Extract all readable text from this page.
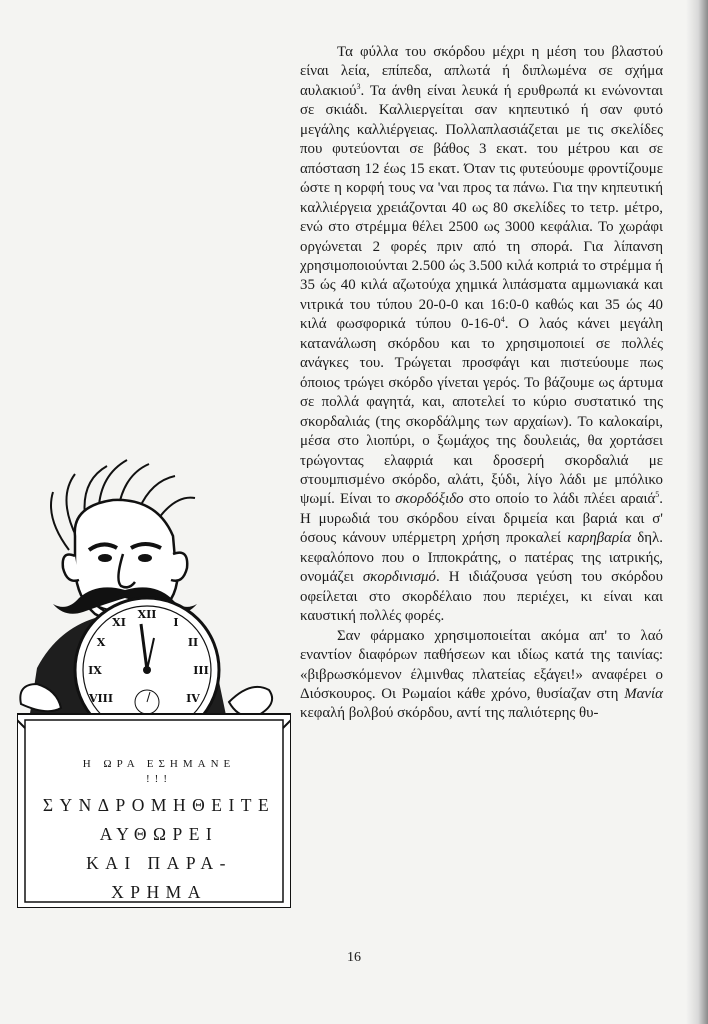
XII
I
II
III
IV
VIII
IX
X
XI
Η ΩΡΑ ΕΣΗΜΑΝΕ
!!!
ΣΥΝΔΡΟΜΗΘΕΙΤΕ
ΑΥΘΩΡΕΙ
ΚΑΙ ΠΑΡΑ-ΧΡΗΜΑ

Τα φύλλα του σκόρδου μέχρι η μέση του βλαστού είναι λεία, επίπεδα, απλωτά ή διπλωμένα σε σχήμα αυλακιού$^3$. Τα άνθη είναι λευκά ή ερυθρωπά κι ενώνονται σε σκιάδι. Καλλιεργείται σαν κηπευτικό ή σαν φυτό μεγάλης καλλιέργειας. Πολλαπλασιάζεται με τις σκελίδες που φυτεύονται σε βάθος 3 εκατ. του μέτρου και σε απόσταση 12 έως 15 εκατ. Όταν τις φυτεύουμε φροντίζουμε ώστε η κορφή τους να 'ναι προς τα πάνω. Για την κηπευτική καλλιέργεια χρειάζονται 40 ως 80 σκελίδες το τετρ. μέτρο, ενώ στο στρέμμα θέλει 2500 ως 3000 κεφάλια. Το χωράφι οργώνεται 2 φορές πριν από τη σπορά. Για λίπανση χρησιμοποιούνται 2.500 ώς 3.500 κιλά κοπριά το στρέμμα ή 35 ώς 40 κιλά αζωτούχα χημικά λιπάσματα αμμωνιακά και νιτρικά του τύπου 20-0-0 και 16:0-0 καθώς και 35 ώς 40 κιλά φωσφορικά τύπου $0-16-0^4$. Ο λαός κάνει μεγάλη κατανάλωση σκόρδου και το χρησιμοποιεί σε πολλές ανάγκες του. Τρώγεται προσφάγι και πιστεύουμε πως όποιος τρώγει σκόρδο γίνεται γερός. Το βάζουμε ως άρτυμα σε πολλά φαγητά, και, αποτελεί το κύριο συστατικό της σκορδαλιάς (της σκορδάλμης των αρχαίων). Το καλοκαίρι, μέσα στο λιοπύρι, ο ξωμάχος της δουλειάς, θα χορτάσει τρώγοντας ελαφριά και δροσερή σκορδαλιά με στουμπισμένο σκόρδο, αλάτι, ξύδι, λίγο λάδι με μπόλικο ψωμί. Είναι το σκορδόξιδο στο οποίο το λάδι πλέει αραιά$^5$. Η μυρωδιά του σκόρδου είναι δριμεία και βαριά και σ' όσους κάνουν υπέρμετρη χρήση προκαλεί καρηβαρία δηλ. κεφαλόπονο που ο Ιπποκράτης, ο πατέρας της ιατρικής, ονομάζει σκορδινισμό. Η ιδιάζουσα γεύση του σκόρδου οφείλεται στο σκορδέλαιο που περιέχει, κι είναι και καυστική πολλές φορές.

Σαν φάρμακο χρησιμοποιείται ακόμα απ' το λαό εναντίον διαφόρων παθήσεων και ιδίως κατά της ταινίας: «βιβρωσκόμενον έλμινθας πλατείας εξάγει!» αναφέρει ο Διόσκουρος. Οι Ρωμαίοι κάθε χρόνο, θυσίαζαν στη Μανία κεφαλή βολβού σκόρδου, αντί της παλιότερης θυ-

16
